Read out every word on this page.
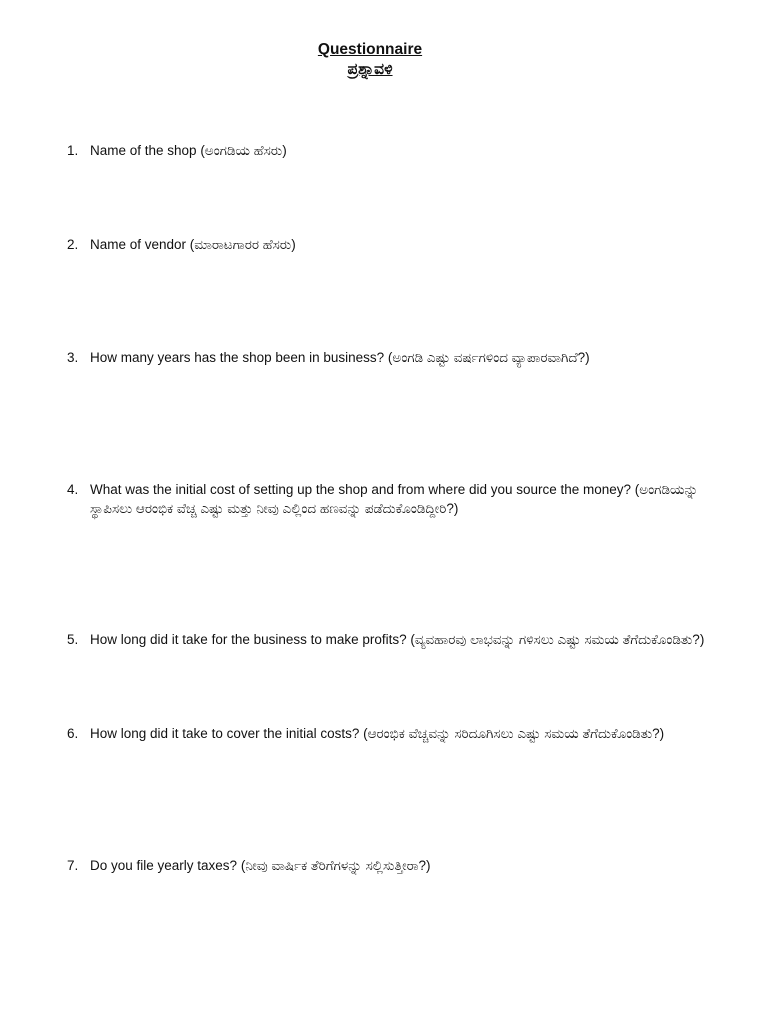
Questionnaire
ಪ್ರಶ್ನಾವಳಿ
1. Name of the shop (ಅಂಗಡಿಯ ಹೆಸರು)
2. Name of vendor (ಮಾರಾಟಗಾರರ ಹೆಸರು)
3. How many years has the shop been in business? (ಅಂಗಡಿ ಎಷ್ಟು ವರ್ಷಗಳಿಂದ ವ್ಯಾಪಾರವಾಗಿದೆ?)
4. What was the initial cost of setting up the shop and from where did you source the money? (ಅಂಗಡಿಯನ್ನು ಸ್ಥಾಪಿಸಲು ಆರಂಭಿಕ ವೆಚ್ಚ ಎಷ್ಟು ಮತ್ತು ನೀವು ಎಲ್ಲಿಂದ ಹಣವನ್ನು ಪಡೆದುಕೊಂಡಿದ್ದೀರಿ?)
5. How long did it take for the business to make profits? (ವ್ಯವಹಾರವು ಲಾಭವನ್ನು ಗಳಿಸಲು ಎಷ್ಟು ಸಮಯ ತೆಗೆದುಕೊಂಡಿತು?)
6. How long did it take to cover the initial costs? (ಆರಂಭಿಕ ವೆಚ್ಚವನ್ನು ಸರಿದೂಗಿಸಲು ಎಷ್ಟು ಸಮಯ ತೆಗೆದುಕೊಂಡಿತು?)
7. Do you file yearly taxes? (ನೀವು ವಾರ್ಷಿಕ ತೆರಿಗೆಗಳನ್ನು ಸಲ್ಲಿಸುತ್ತೀರಾ?)
